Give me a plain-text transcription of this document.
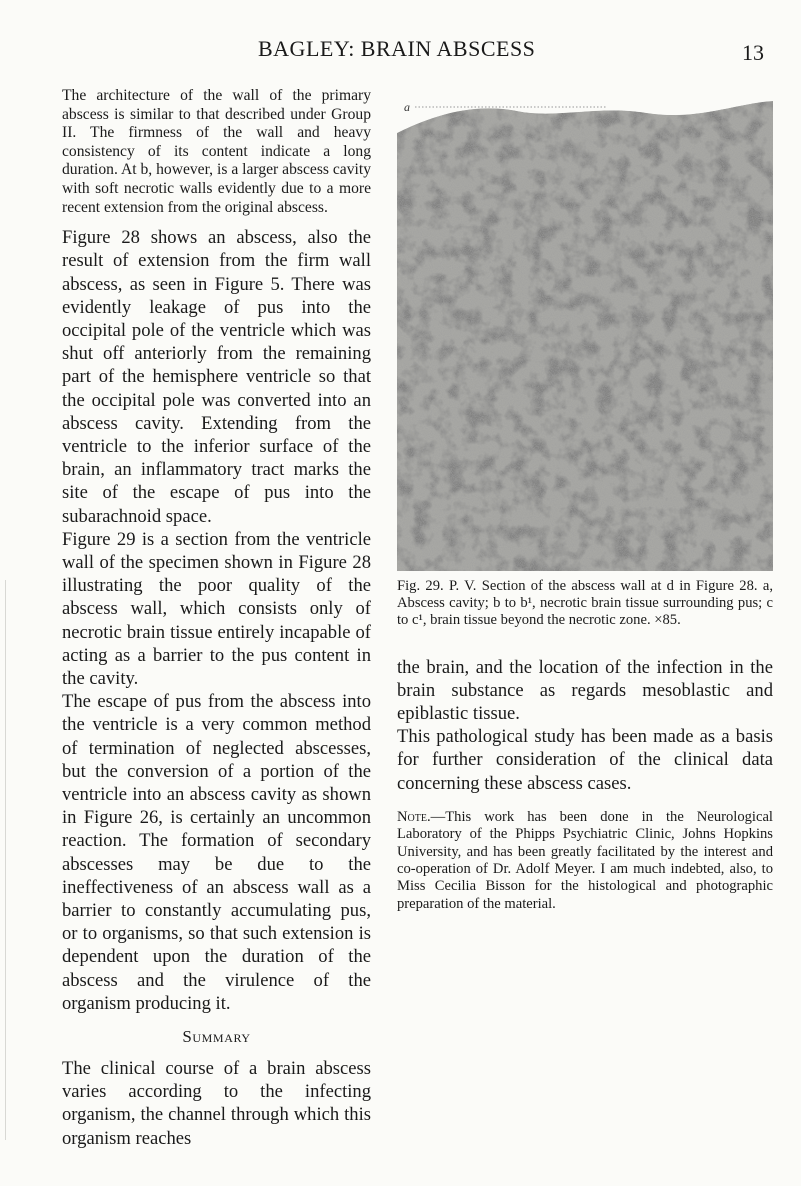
BAGLEY: BRAIN ABSCESS	13

The architecture of the wall of the primary abscess is similar to that described under Group II. The firmness of the wall and heavy consistency of its content indicate a long duration. At b, however, is a larger abscess cavity with soft necrotic walls evidently due to a more recent extension from the original abscess.

Figure 28 shows an abscess, also the result of extension from the firm wall abscess, as seen in Figure 5. There was evidently leakage of pus into the occipital pole of the ventricle which was shut off anteriorly from the remaining part of the hemisphere ventricle so that the occipital pole was converted into an abscess cavity. Extending from the ventricle to the inferior surface of the brain, an inflammatory tract marks the site of the escape of pus into the subarachnoid space.

Figure 29 is a section from the ventricle wall of the specimen shown in Figure 28 illustrating the poor quality of the abscess wall, which consists only of necrotic brain tissue entirely incapable of acting as a barrier to the pus content in the cavity.

The escape of pus from the abscess into the ventricle is a very common method of termination of neglected abscesses, but the conversion of a portion of the ventricle into an abscess cavity as shown in Figure 26, is certainly an uncommon reaction. The formation of secondary abscesses may be due to the ineffectiveness of an abscess wall as a barrier to constantly accumulating pus, or to organisms, so that such extension is dependent upon the duration of the abscess and the virulence of the organism producing it.

Summary

The clinical course of a brain abscess varies according to the infecting organism, the channel through which this organism reaches

a

Fig. 29. P. V. Section of the abscess wall at d in Figure 28. a, Abscess cavity; b to b¹, necrotic brain tissue surrounding pus; c to c¹, brain tissue beyond the necrotic zone. ×85.

the brain, and the location of the infection in the brain substance as regards mesoblastic and epiblastic tissue.

This pathological study has been made as a basis for further consideration of the clinical data concerning these abscess cases.

Note.—This work has been done in the Neurological Laboratory of the Phipps Psychiatric Clinic, Johns Hopkins University, and has been greatly facilitated by the interest and co-operation of Dr. Adolf Meyer. I am much indebted, also, to Miss Cecilia Bisson for the histological and photographic preparation of the material.
